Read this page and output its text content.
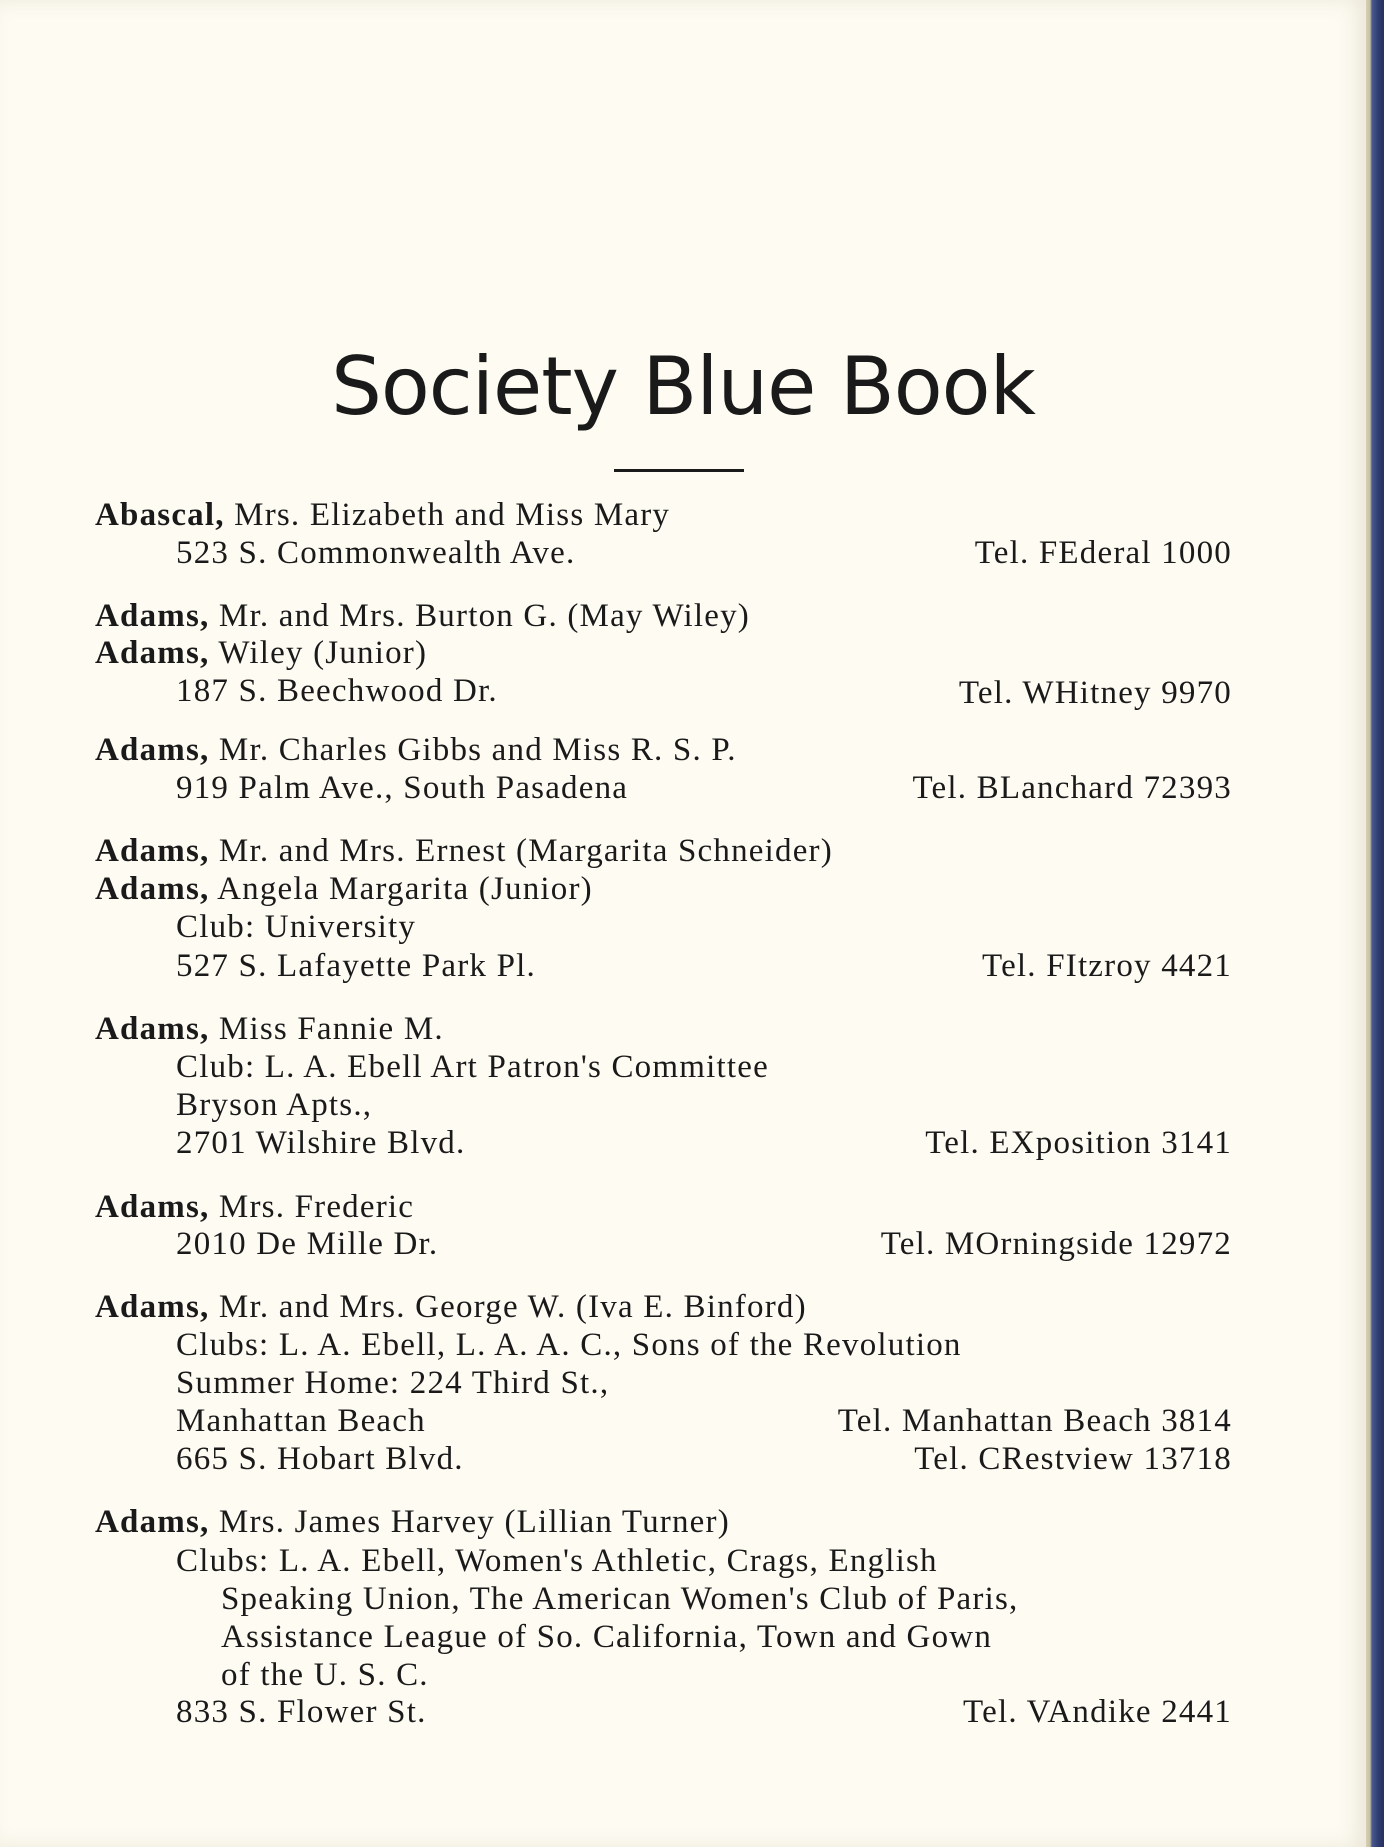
Society Blue Book
Abascal, Mrs. Elizabeth and Miss Mary
523 S. Commonwealth Ave.	Tel. FEderal 1000
Adams, Mr. and Mrs. Burton G. (May Wiley)
Adams, Wiley (Junior)
187 S. Beechwood Dr.	Tel. WHitney 9970
Adams, Mr. Charles Gibbs and Miss R. S. P.
919 Palm Ave., South Pasadena	Tel. BLanchard 72393
Adams, Mr. and Mrs. Ernest (Margarita Schneider)
Adams, Angela Margarita (Junior)
Club: University
527 S. Lafayette Park Pl.	Tel. FItzroy 4421
Adams, Miss Fannie M.
Club: L. A. Ebell Art Patron's Committee
Bryson Apts.,
2701 Wilshire Blvd.	Tel. EXposition 3141
Adams, Mrs. Frederic
2010 De Mille Dr.	Tel. MOrningside 12972
Adams, Mr. and Mrs. George W. (Iva E. Binford)
Clubs: L. A. Ebell, L. A. A. C., Sons of the Revolution
Summer Home: 224 Third St.,
Manhattan Beach	Tel. Manhattan Beach 3814
665 S. Hobart Blvd.	Tel. CRestview 13718
Adams, Mrs. James Harvey (Lillian Turner)
Clubs: L. A. Ebell, Women's Athletic, Crags, English
Speaking Union, The American Women's Club of Paris,
Assistance League of So. California, Town and Gown
of the U. S. C.
833 S. Flower St.	Tel. VAndike 2441
